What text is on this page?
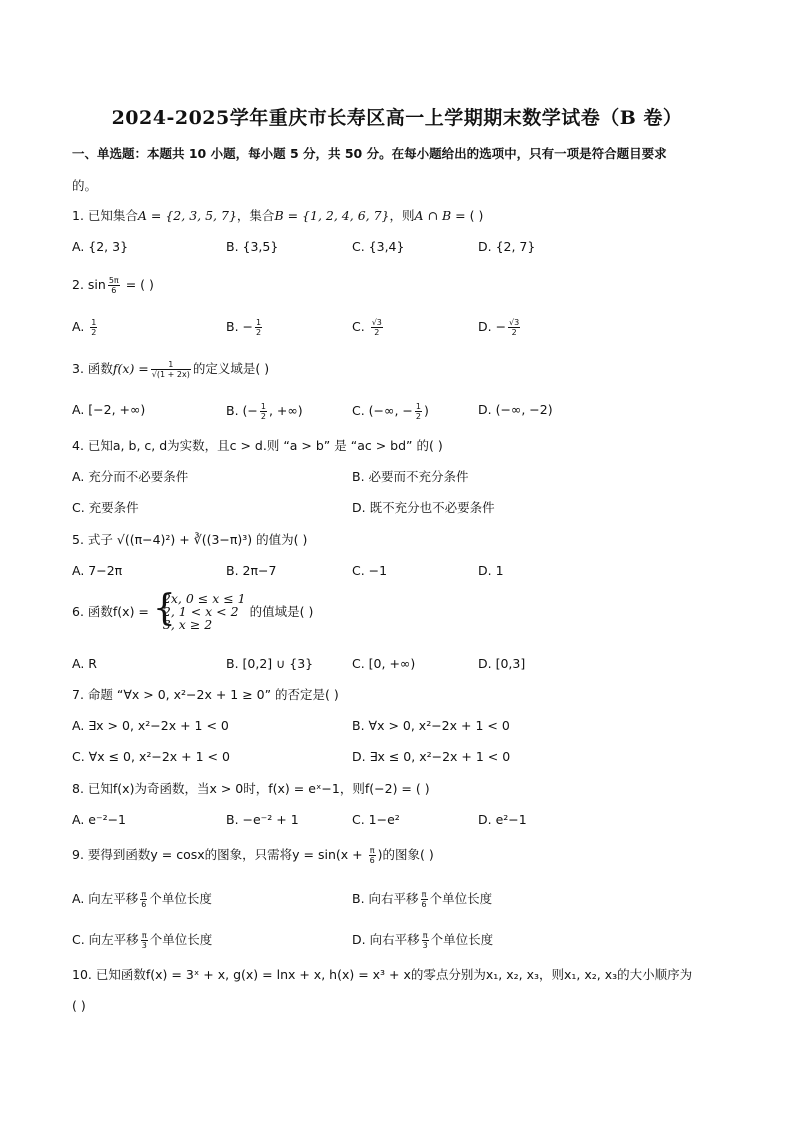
2024-2025学年重庆市长寿区高一上学期期末数学试卷（B 卷）
一、单选题：本题共 10 小题，每小题 5 分，共 50 分。在每小题给出的选项中，只有一项是符合题目要求
的。
1. 已知集合A = {2, 3, 5, 7}，集合B = {1, 2, 4, 6, 7}，则A ∩ B = ( )
A. {2, 3}	B. {3,5}	C. {3,4}	D. {2, 7}
2. $\sin \frac{5\pi}{6}$ = ( )
A. $\frac{1}{2}$	B. − $\frac{1}{2}$	C. $\frac{√3}{2}$	D. − $\frac{√3}{2}$
3. 函数$f(x) = \frac{1}{√(1 + 2x)}$ 的定义域是( )
A. [−2, +∞)	B. (− $\frac{1}{2}$ , +∞)	C. (−∞, − $\frac{1}{2}$ )	D. (−∞, −2)
4. 已知a, b, c, d为实数，且c > d.则 “a > b” 是 “ac > bd” 的( )
A. 充分而不必要条件	B. 必要而不充分条件
C. 充要条件	D. 既不充分也不必要条件
5. 式子 √((π−4)²) + ∛((3−π)³) 的值为( )
A. 7−2π	B. 2π−7	C. −1	D. 1
6. 函数f(x) = {
2x, 0 ≤ x ≤ 1
2, 1 < x < 2
3, x ≥ 2
的值域是( )
A. R	B. [0,2] ∪ {3}	C. [0, +∞)	D. [0,3]
7. 命题 “∀x > 0, x²−2x + 1 ≥ 0” 的否定是( )
A. ∃x > 0, x²−2x + 1 < 0	B. ∀x > 0, x²−2x + 1 < 0
C. ∀x ≤ 0, x²−2x + 1 < 0	D. ∃x ≤ 0, x²−2x + 1 < 0
8. 已知f(x)为奇函数，当x > 0时，f(x) = eˣ−1，则f(−2) = ( )
A. e⁻²−1	B. −e⁻² + 1	C. 1−e²	D. e²−1
9. 要得到函数y = cosx的图象，只需将$y = \sin(x + \frac{\pi}{6}$ )的图象( )
A. 向左平移 $\frac{\pi}{6}$ 个单位长度	B. 向右平移 $\frac{\pi}{6}$ 个单位长度
C. 向左平移 $\frac{\pi}{3}$ 个单位长度	D. 向右平移 $\frac{\pi}{3}$ 个单位长度
10. 已知函数f(x) = 3ˣ + x, g(x) = lnx + x, h(x) = x³ + x的零点分别为x₁, x₂, x₃，则x₁, x₂, x₃的大小顺序为
( )
